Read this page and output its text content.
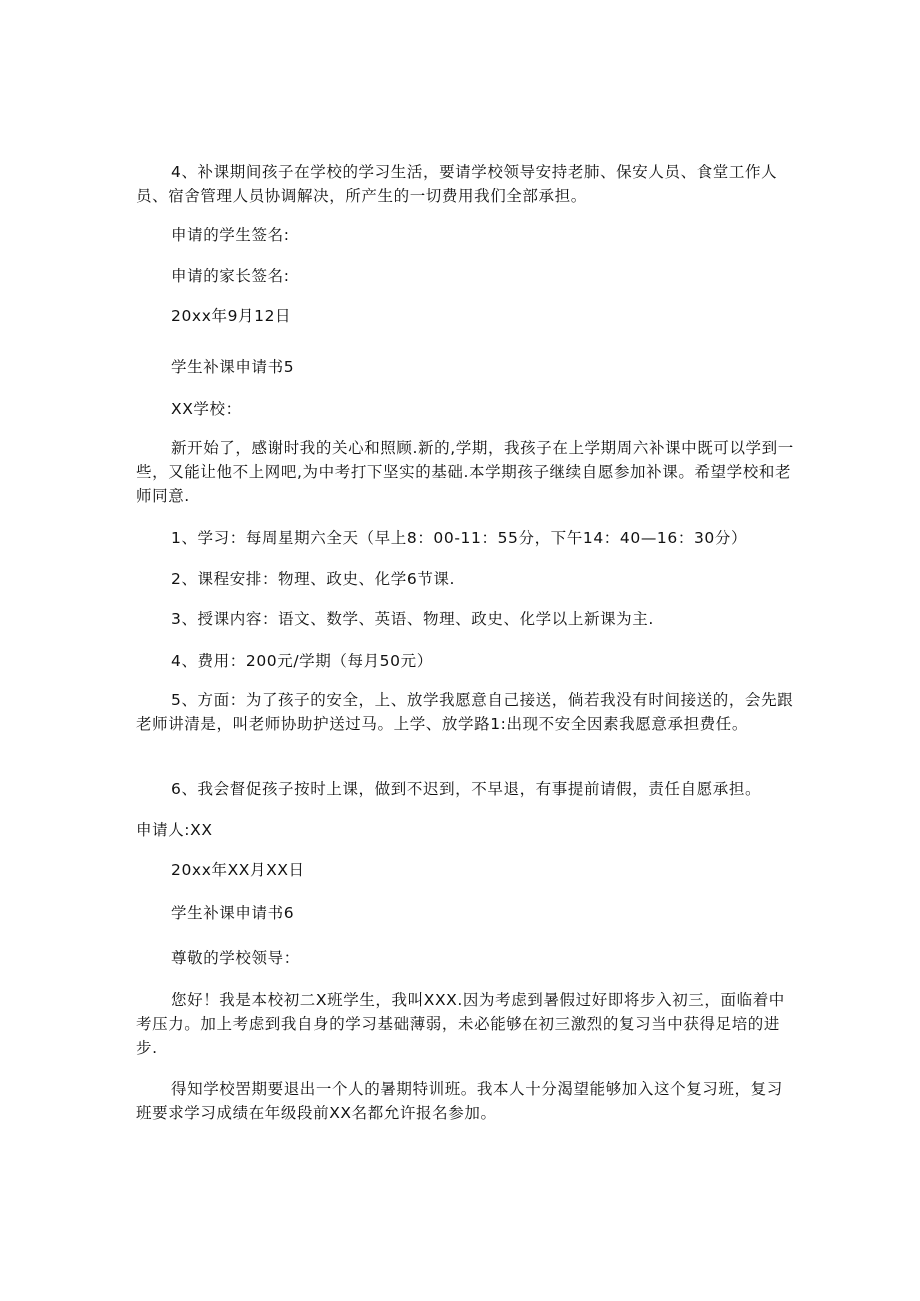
4、补课期间孩子在学校的学习生活，要请学校领导安持老肺、保安人员、食堂工作人员、宿舍管理人员协调解决，所产生的一切费用我们全部承担。

申请的学生签名:

申请的家长签名:

20xx年9月12日

学生补课申请书5

XX学校：

新开始了，感谢时我的关心和照顾.新的,学期，我孩子在上学期周六补课中既可以学到一些，又能让他不上网吧,为中考打下坚实的基础.本学期孩子继续自愿参加补课。希望学校和老师同意.

1、学习：每周星期六全天（早上8：00-11：55分，下午14：40—16：30分）

2、课程安排：物理、政史、化学6节课.

3、授课内容：语文、数学、英语、物理、政史、化学以上新课为主.

4、费用：200元/学期（每月50元）

5、方面：为了孩子的安全，上、放学我愿意自己接送，倘若我没有时间接送的，会先跟老师讲清是，叫老师协助护送过马。上学、放学路1:出现不安全因素我愿意承担费任。

6、我会督促孩子按时上课，做到不迟到，不早退，有事提前请假，责任自愿承担。

申请人:XX

20xx年XX月XX日

学生补课申请书6

尊敬的学校领导：

您好！我是本校初二X班学生，我叫XXX.因为考虑到暑假过好即将步入初三，面临着中考压力。加上考虑到我自身的学习基础薄弱，未必能够在初三激烈的复习当中获得足培的进步.

得知学校罟期要退出一个人的暑期特训班。我本人十分渴望能够加入这个复习班，复习班要求学习成绩在年级段前XX名都允许报名参加。
